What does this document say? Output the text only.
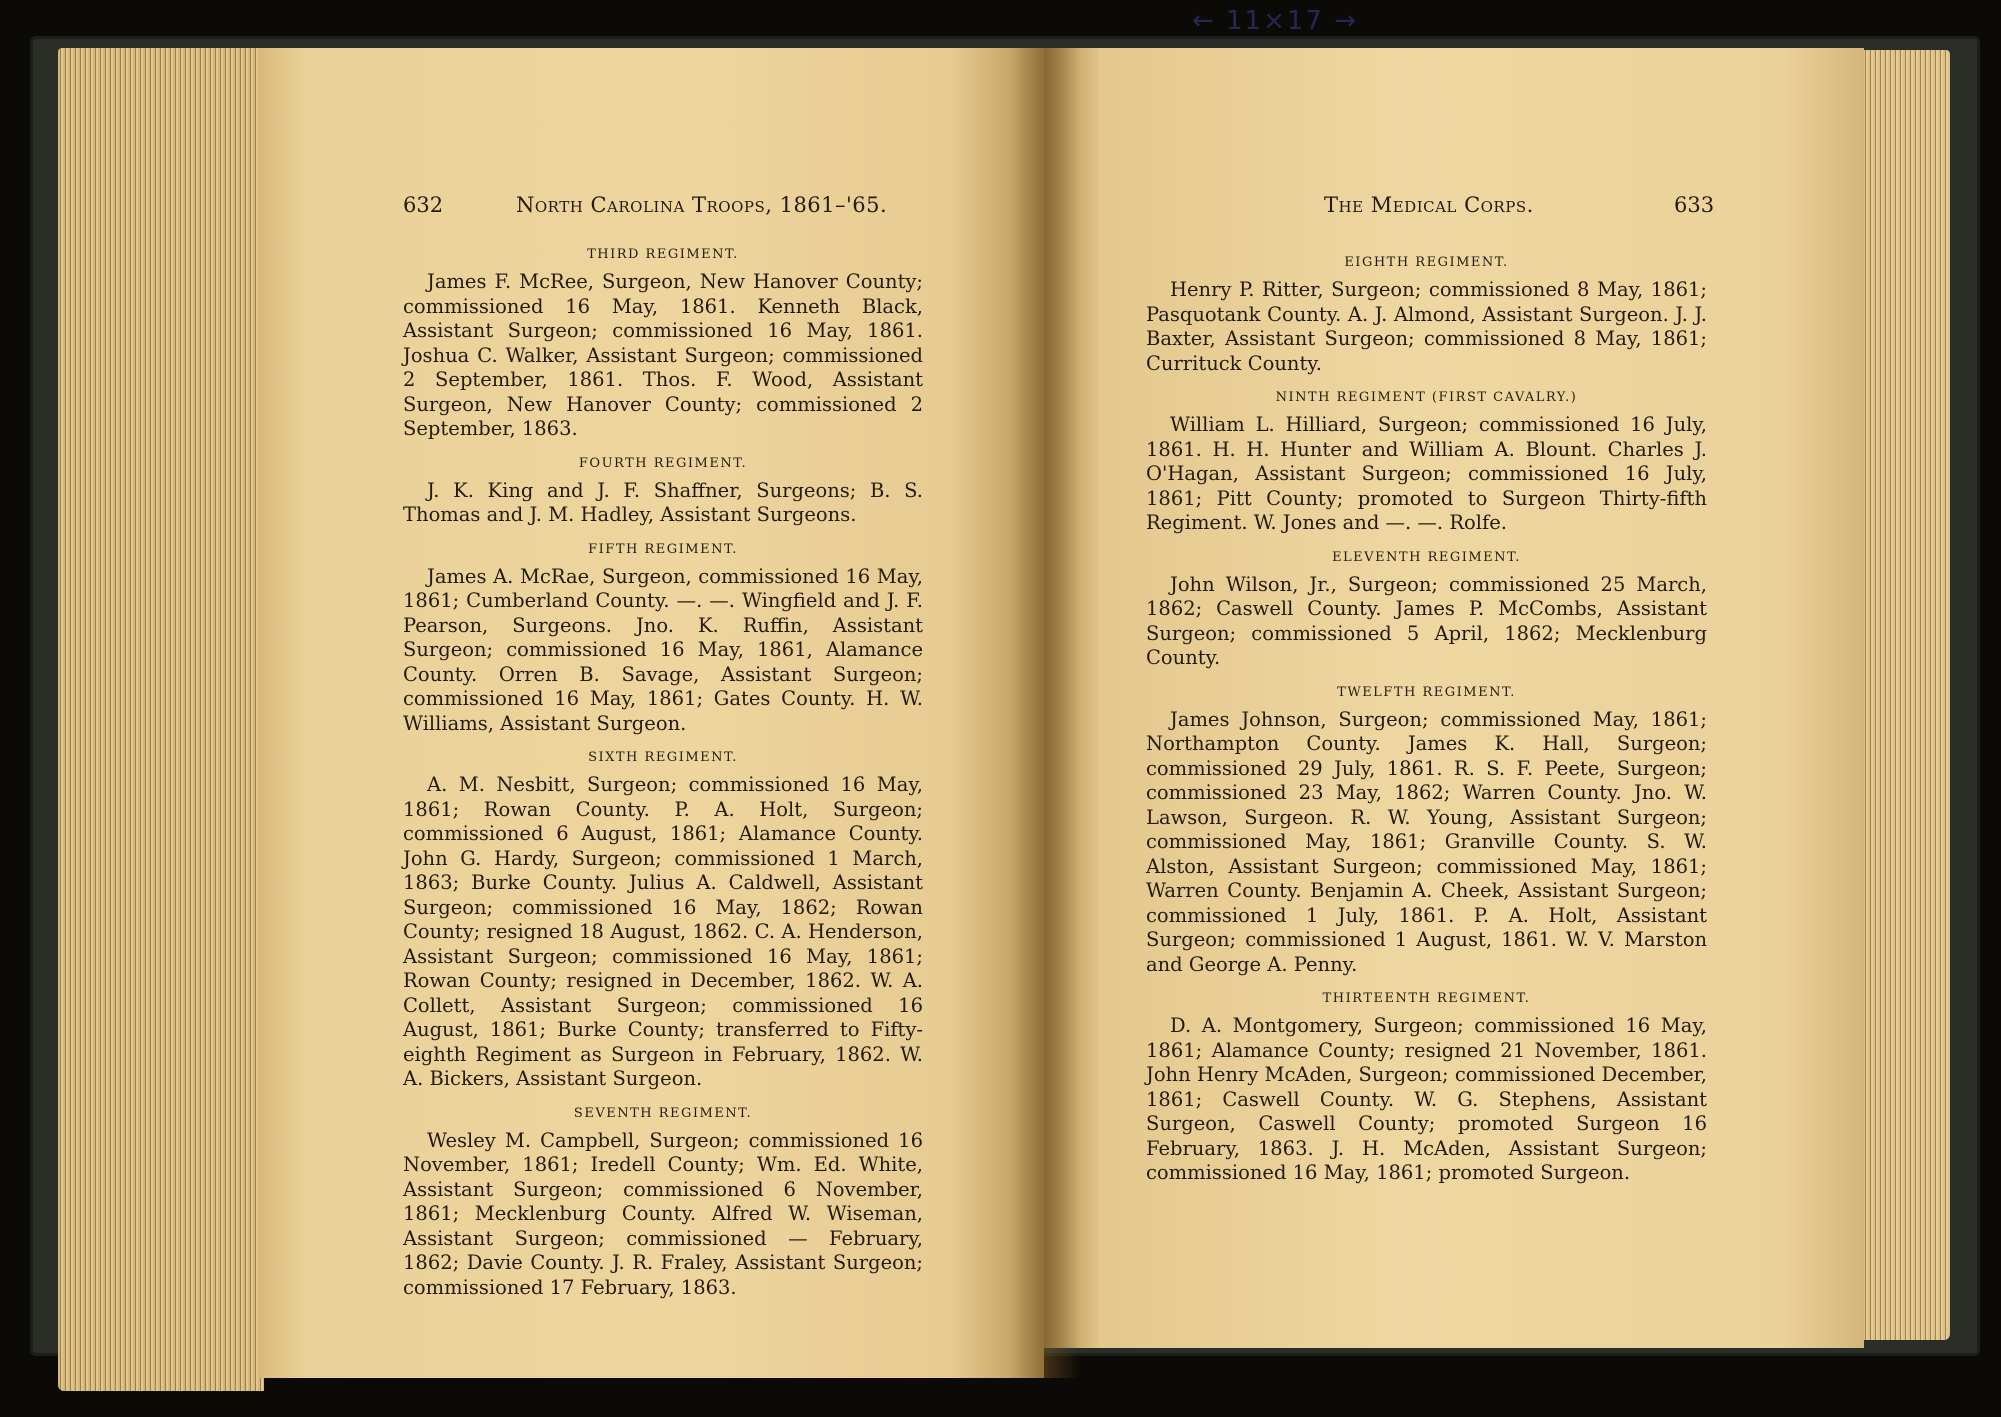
← 11×17 →
632	North Carolina Troops, 1861–'65.
THIRD REGIMENT.

James F. McRee, Surgeon, New Hanover County; commissioned 16 May, 1861. Kenneth Black, Assistant Surgeon; commissioned 16 May, 1861. Joshua C. Walker, Assistant Surgeon; commissioned 2 September, 1861. Thos. F. Wood, Assistant Surgeon, New Hanover County; commissioned 2 September, 1863.

FOURTH REGIMENT.

J. K. King and J. F. Shaffner, Surgeons; B. S. Thomas and J. M. Hadley, Assistant Surgeons.

FIFTH REGIMENT.

James A. McRae, Surgeon, commissioned 16 May, 1861; Cumberland County. —. —. Wingfield and J. F. Pearson, Surgeons. Jno. K. Ruffin, Assistant Surgeon; commissioned 16 May, 1861, Alamance County. Orren B. Savage, Assistant Surgeon; commissioned 16 May, 1861; Gates County. H. W. Williams, Assistant Surgeon.

SIXTH REGIMENT.

A. M. Nesbitt, Surgeon; commissioned 16 May, 1861; Rowan County. P. A. Holt, Surgeon; commissioned 6 August, 1861; Alamance County. John G. Hardy, Surgeon; commissioned 1 March, 1863; Burke County. Julius A. Caldwell, Assistant Surgeon; commissioned 16 May, 1862; Rowan County; resigned 18 August, 1862. C. A. Henderson, Assistant Surgeon; commissioned 16 May, 1861; Rowan County; resigned in December, 1862. W. A. Collett, Assistant Surgeon; commissioned 16 August, 1861; Burke County; transferred to Fifty-eighth Regiment as Surgeon in February, 1862. W. A. Bickers, Assistant Surgeon.

SEVENTH REGIMENT.

Wesley M. Campbell, Surgeon; commissioned 16 November, 1861; Iredell County; Wm. Ed. White, Assistant Surgeon; commissioned 6 November, 1861; Mecklenburg County. Alfred W. Wiseman, Assistant Surgeon; commissioned — February, 1862; Davie County. J. R. Fraley, Assistant Surgeon; commissioned 17 February, 1863.

The Medical Corps.	633
EIGHTH REGIMENT.

Henry P. Ritter, Surgeon; commissioned 8 May, 1861; Pasquotank County. A. J. Almond, Assistant Surgeon. J. J. Baxter, Assistant Surgeon; commissioned 8 May, 1861; Currituck County.

NINTH REGIMENT (FIRST CAVALRY.)

William L. Hilliard, Surgeon; commissioned 16 July, 1861. H. H. Hunter and William A. Blount. Charles J. O'Hagan, Assistant Surgeon; commissioned 16 July, 1861; Pitt County; promoted to Surgeon Thirty-fifth Regiment. W. Jones and —. —. Rolfe.

ELEVENTH REGIMENT.

John Wilson, Jr., Surgeon; commissioned 25 March, 1862; Caswell County. James P. McCombs, Assistant Surgeon; commissioned 5 April, 1862; Mecklenburg County.

TWELFTH REGIMENT.

James Johnson, Surgeon; commissioned May, 1861; Northampton County. James K. Hall, Surgeon; commissioned 29 July, 1861. R. S. F. Peete, Surgeon; commissioned 23 May, 1862; Warren County. Jno. W. Lawson, Surgeon. R. W. Young, Assistant Surgeon; commissioned May, 1861; Granville County. S. W. Alston, Assistant Surgeon; commissioned May, 1861; Warren County. Benjamin A. Cheek, Assistant Surgeon; commissioned 1 July, 1861. P. A. Holt, Assistant Surgeon; commissioned 1 August, 1861. W. V. Marston and George A. Penny.

THIRTEENTH REGIMENT.

D. A. Montgomery, Surgeon; commissioned 16 May, 1861; Alamance County; resigned 21 November, 1861. John Henry McAden, Surgeon; commissioned December, 1861; Caswell County. W. G. Stephens, Assistant Surgeon, Caswell County; promoted Surgeon 16 February, 1863. J. H. McAden, Assistant Surgeon; commissioned 16 May, 1861; promoted Surgeon.
